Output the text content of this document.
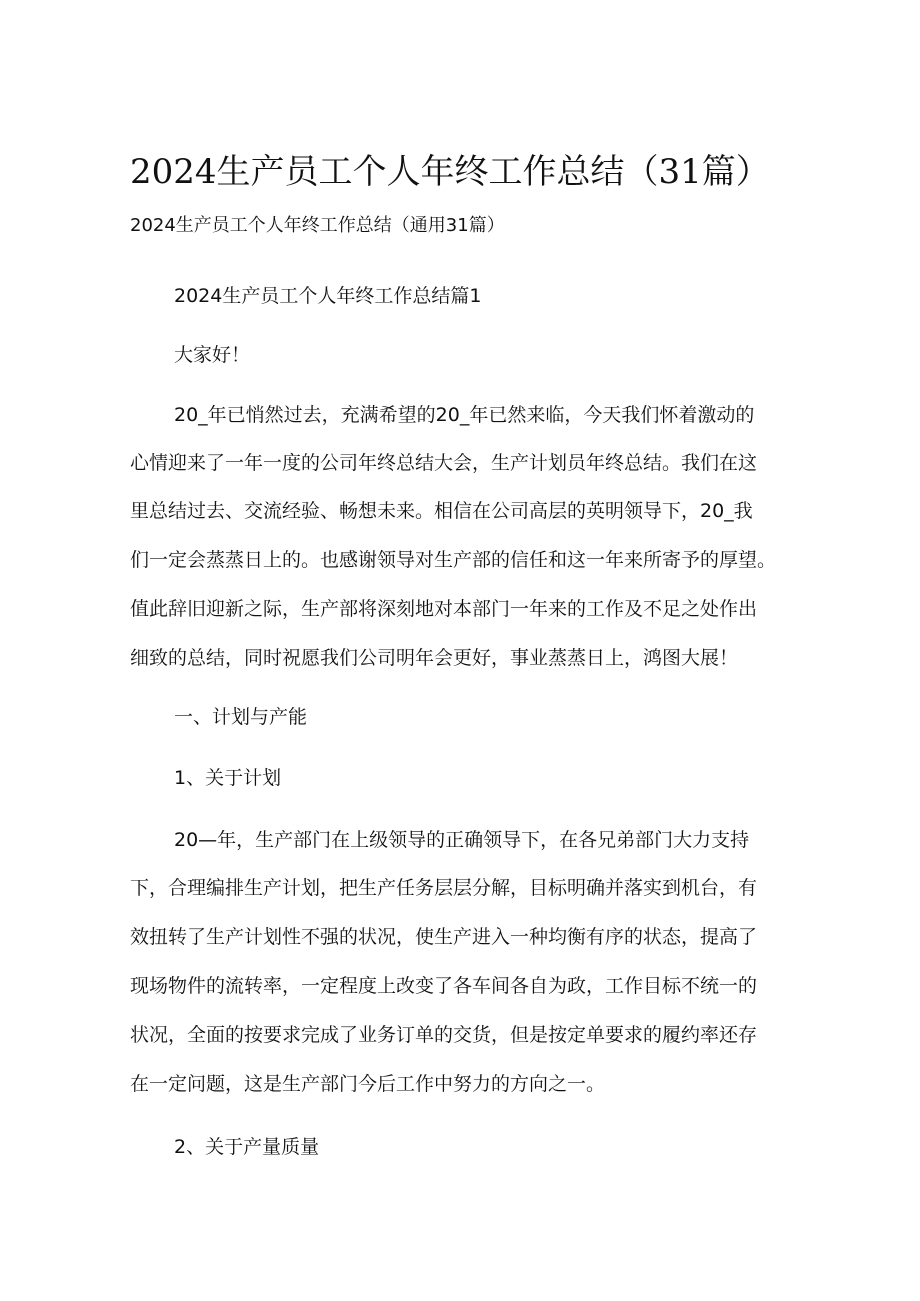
2024生产员工个人年终工作总结（31篇）
2024生产员工个人年终工作总结（通用31篇）
2024生产员工个人年终工作总结篇1
大家好！
20_年已悄然过去，充满希望的20_年已然来临，今天我们怀着激动的
心情迎来了一年一度的公司年终总结大会，生产计划员年终总结。我们在这
里总结过去、交流经验、畅想未来。相信在公司高层的英明领导下，20_我
们一定会蒸蒸日上的。也感谢领导对生产部的信任和这一年来所寄予的厚望。
值此辞旧迎新之际，生产部将深刻地对本部门一年来的工作及不足之处作出
细致的总结，同时祝愿我们公司明年会更好，事业蒸蒸日上，鸿图大展！
一、计划与产能
1、关于计划
20—年，生产部门在上级领导的正确领导下，在各兄弟部门大力支持
下，合理编排生产计划，把生产任务层层分解，目标明确并落实到机台，有
效扭转了生产计划性不强的状况，使生产进入一种均衡有序的状态，提高了
现场物件的流转率，一定程度上改变了各车间各自为政，工作目标不统一的
状况，全面的按要求完成了业务订单的交货，但是按定单要求的履约率还存
在一定问题，这是生产部门今后工作中努力的方向之一。
2、关于产量质量
